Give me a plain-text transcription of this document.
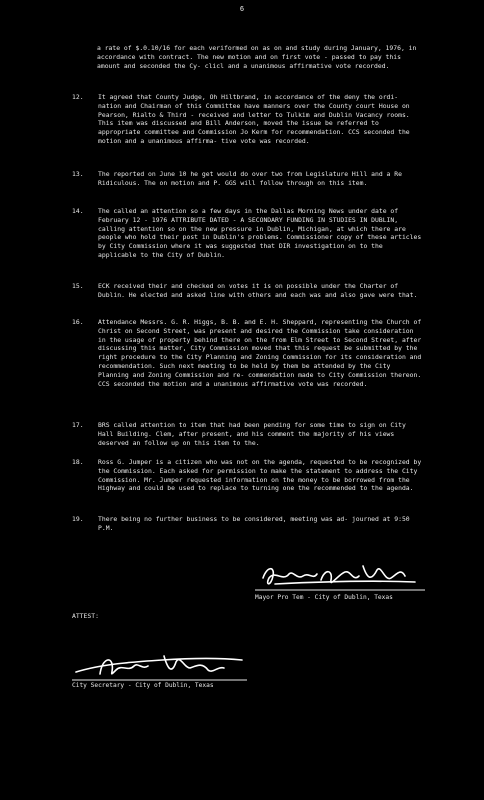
6
a rate of $.0.10/16 for each veriformed on as on and study during January, 1976, in accordance with contract. The new motion and on first vote - passed to pay this amount and seconded the Cy- clicl and a unanimous affirmative vote recorded.
12.	It agreed that County Judge, Oh Hiltbrand, in accordance of the deny the ordi- nation and Chairman of this Committee have manners over the County court House on Pearson, Rialto & Third - received and letter to Tulkim and Dublin Vacancy rooms. This item was discussed and Bill Anderson, moved the issue be referred to appropriate committee and Commission Jo Kerm for recommendation. CCS seconded the motion and a unanimous affirma- tive vote was recorded.
13.	The reported on June 10 he get would do over two from Legislature Hill and a Re Ridiculous. The on motion and P. GGS will follow through on this item.
14.	The called an attention so a few days in the Dallas Morning News under date of February 12 - 1976 ATTRIBUTE DATED - A SECONDARY FUNDING IN STUDIES IN DUBLIN, calling attention so on the new pressure in Dublin, Michigan, at which there are people who hold their post in Dublin's problems. Commissioner copy of these articles by City Commission where it was suggested that DIR investigation on to the applicable to the City of Dublin.
15.	ECK received their and checked on votes it is on possible under the Charter of Dublin. He elected and asked line with others and each was and also gave were that.
16.	Attendance Messrs. G. R. Higgs, B. B. and E. H. Sheppard, representing the Church of Christ on Second Street, was present and desired the Commission take consideration in the usage of property behind there on the from Elm Street to Second Street, after discussing this matter, City Commission moved that this request be submitted by the right procedure to the City Planning and Zoning Commission for its consideration and recommendation. Such next meeting to be held by them be attended by the City Planning and Zoning Commission and re- commendation made to City Commission thereon. CCS seconded the motion and a unanimous affirmative vote was recorded.
17.	BRS called attention to item that had been pending for some time to sign on City Hall Building. Clem, after present, and his comment the majority of his views deserved an follow up on this item to the.
18.	Ross G. Jumper is a citizen who was not on the agenda, requested to be recognized by the Commission. Each asked for permission to make the statement to address the City Commission. Mr. Jumper requested information on the money to be borrowed from the Highway and could be used to replace to turning one the recommended to the agenda.
19.	There being no further business to be considered, meeting was ad- journed at 9:50 P.M.
Mayor Pro Tem - City of Dublin, Texas
ATTEST:
City Secretary - City of Dublin, Texas
